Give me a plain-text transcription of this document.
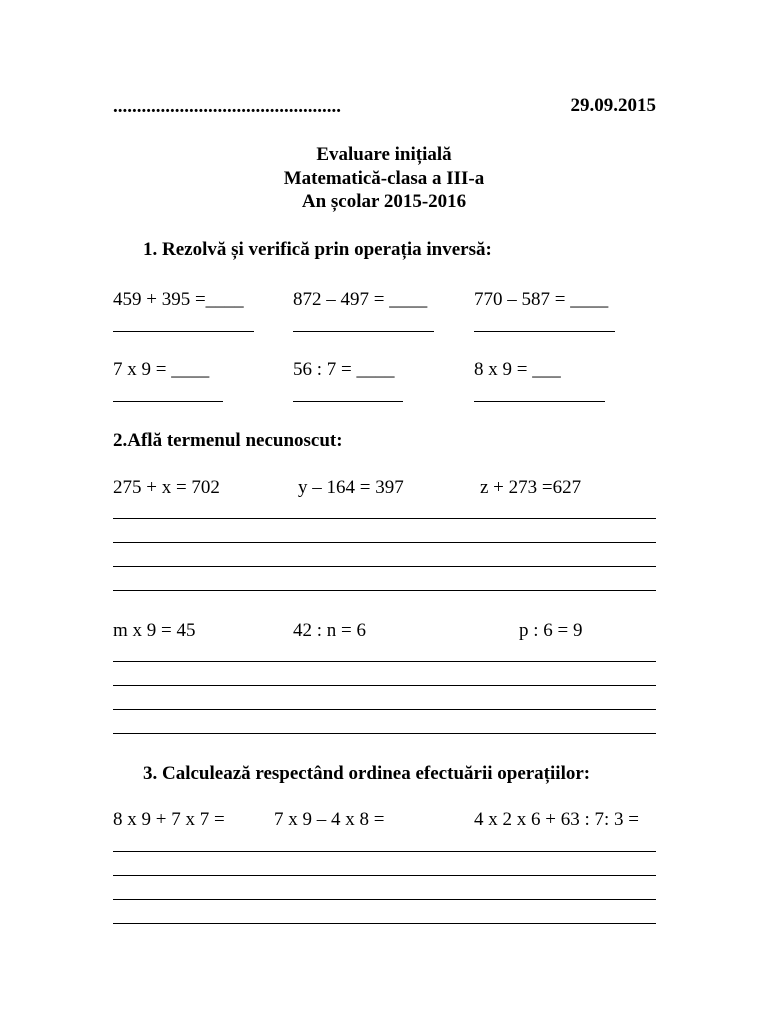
................................................	29.09.2015
Evaluare inițială
Matematică-clasa a III-a
An școlar 2015-2016
1. Rezolvă și verifică prin operația inversă:
459 + 395 =____	872 – 497 = ____ 770 – 587 = ____
7 x 9 = ____	56 : 7 = ____	8 x 9 = ___
2.Află termenul necunoscut:
275 + x = 702	y – 164 = 397	z + 273 =627
m x 9 = 45	42 : n = 6	p : 6 = 9
3. Calculează respectând ordinea efectuării operațiilor:
8 x 9 + 7 x 7 =	7 x 9 – 4 x 8 =	4 x 2 x 6 + 63 : 7: 3 =
